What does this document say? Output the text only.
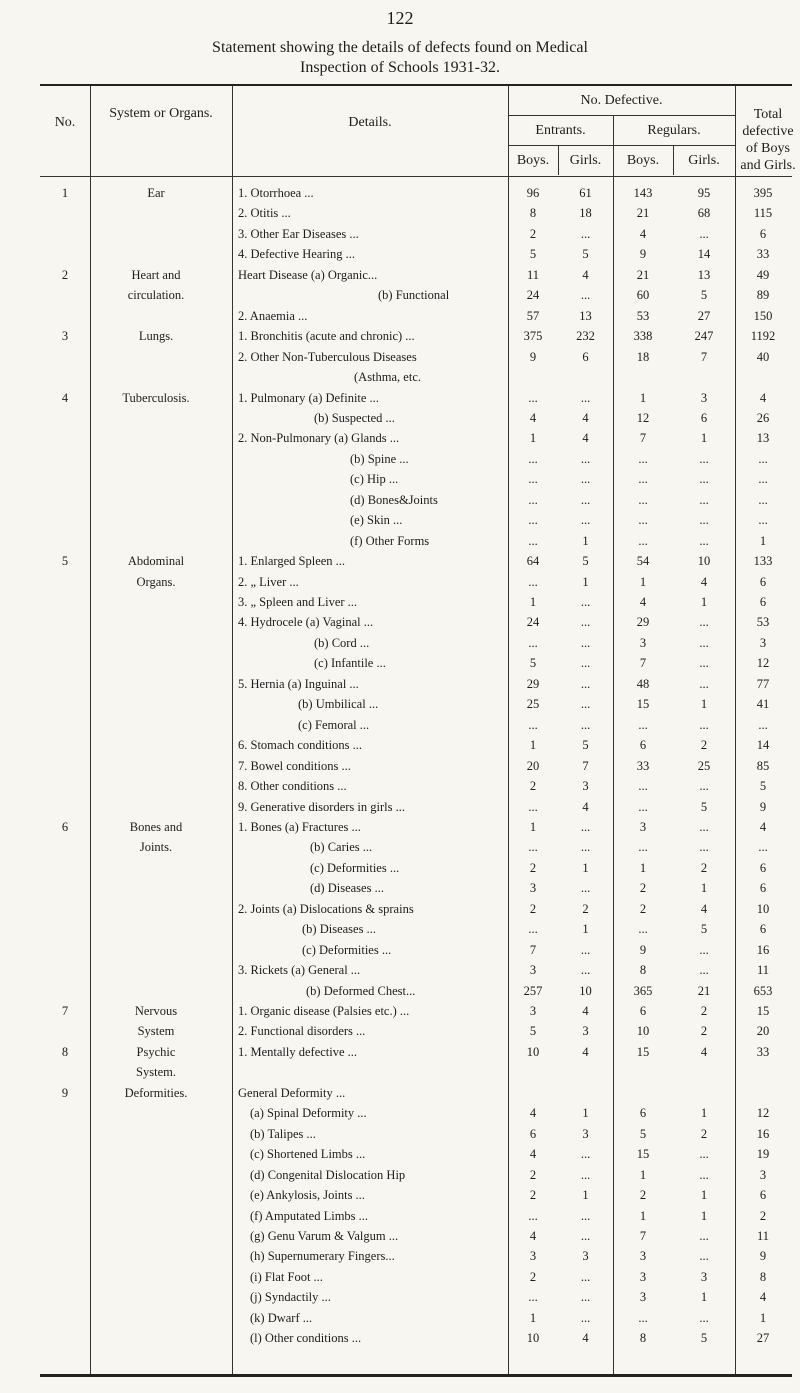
122
Statement showing the details of defects found on Medical
Inspection of Schools 1931-32.
No.
System or Organs.
Details.
No. Defective.
Entrants.	Regulars.
Boys.	Girls.	Boys.	Girls.
Total defective of Boys and Girls.
1	Ear	1. Otorrhoea ...	96	61	143	95	395
2. Otitis ...	8	18	21	68	115
3. Other Ear Diseases ...	2	...	4	...	6
4. Defective Hearing ...	5	5	9	14	33
2	Heart and	Heart Disease (a) Organic...	11	4	21	13	49
circulation.	(b) Functional	24	...	60	5	89
2. Anaemia ...	57	13	53	27	150
3	Lungs.	1. Bronchitis (acute and chronic) ...	375	232	338	247	1192
2. Other Non-Tuberculous Diseases	9	6	18	7	40
(Asthma, etc.
4	Tuberculosis.	1. Pulmonary (a) Definite ...	...	...	1	3	4
(b) Suspected ...	4	4	12	6	26
2. Non-Pulmonary (a) Glands ...	1	4	7	1	13
(b) Spine ...	...	...	...	...	...
(c) Hip ...	...	...	...	...	...
(d) Bones&Joints	...	...	...	...	...
(e) Skin ...	...	...	...	...	...
(f) Other Forms	...	1	...	...	1
5	Abdominal	1. Enlarged Spleen ...	64	5	54	10	133
Organs.	2. „ Liver ...	...	1	1	4	6
3. „ Spleen and Liver ...	1	...	4	1	6
4. Hydrocele (a) Vaginal ...	24	...	29	...	53
(b) Cord ...	...	...	3	...	3
(c) Infantile ...	5	...	7	...	12
5. Hernia (a) Inguinal ...	29	...	48	...	77
(b) Umbilical ...	25	...	15	1	41
(c) Femoral ...	...	...	...	...	...
6. Stomach conditions ...	1	5	6	2	14
7. Bowel conditions ...	20	7	33	25	85
8. Other conditions ...	2	3	...	...	5
9. Generative disorders in girls ...	...	4	...	5	9
6	Bones and	1. Bones (a) Fractures ...	1	...	3	...	4
Joints.	(b) Caries ...	...	...	...	...	...
(c) Deformities ...	2	1	1	2	6
(d) Diseases ...	3	...	2	1	6
2. Joints (a) Dislocations & sprains	2	2	2	4	10
(b) Diseases ...	...	1	...	5	6
(c) Deformities ...	7	...	9	...	16
3. Rickets (a) General ...	3	...	8	...	11
(b) Deformed Chest...	257	10	365	21	653
7	Nervous	1. Organic disease (Palsies etc.) ...	3	4	6	2	15
System	2. Functional disorders ...	5	3	10	2	20
8	Psychic	1. Mentally defective ...	10	4	15	4	33
System.
9	Deformities.	General Deformity ...
(a) Spinal Deformity ...	4	1	6	1	12
(b) Talipes ...	6	3	5	2	16
(c) Shortened Limbs ...	4	...	15	...	19
(d) Congenital Dislocation Hip	2	...	1	...	3
(e) Ankylosis, Joints ...	2	1	2	1	6
(f) Amputated Limbs ...	...	...	1	1	2
(g) Genu Varum & Valgum ...	4	...	7	...	11
(h) Supernumerary Fingers...	3	3	3	...	9
(i) Flat Foot ...	2	...	3	3	8
(j) Syndactily ...	...	...	3	1	4
(k) Dwarf ...	1	...	...	...	1
(l) Other conditions ...	10	4	8	5	27
